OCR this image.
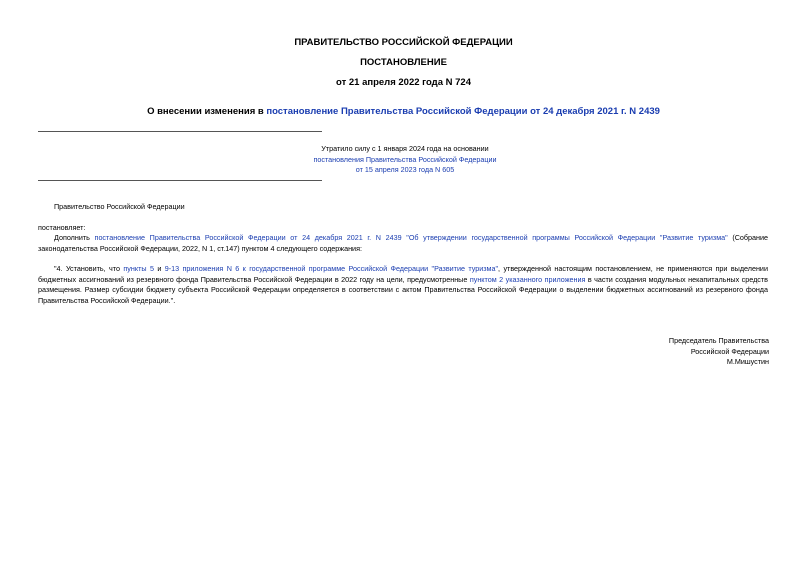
ПРАВИТЕЛЬСТВО РОССИЙСКОЙ ФЕДЕРАЦИИ
ПОСТАНОВЛЕНИЕ
от 21 апреля 2022 года N 724
О внесении изменения в постановление Правительства Российской Федерации от 24 декабря 2021 г. N 2439
Утратило силу с 1 января 2024 года на основании
постановления Правительства Российской Федерации
от 15 апреля 2023 года N 605
Правительство Российской Федерации
постановляет:
Дополнить постановление Правительства Российской Федерации от 24 декабря 2021 г. N 2439 "Об утверждении государственной программы Российской Федерации "Развитие туризма" (Собрание законодательства Российской Федерации, 2022, N 1, ст.147) пунктом 4 следующего содержания:
"4. Установить, что пункты 5 и 9-13 приложения N 6 к государственной программе Российской Федерации "Развитие туризма", утвержденной настоящим постановлением, не применяются при выделении бюджетных ассигнований из резервного фонда Правительства Российской Федерации в 2022 году на цели, предусмотренные пунктом 2 указанного приложения в части создания модульных некапитальных средств размещения. Размер субсидии бюджету субъекта Российской Федерации определяется в соответствии с актом Правительства Российской Федерации о выделении бюджетных ассигнований из резервного фонда Правительства Российской Федерации.".
Председатель Правительства
Российской Федерации
М.Мишустин
